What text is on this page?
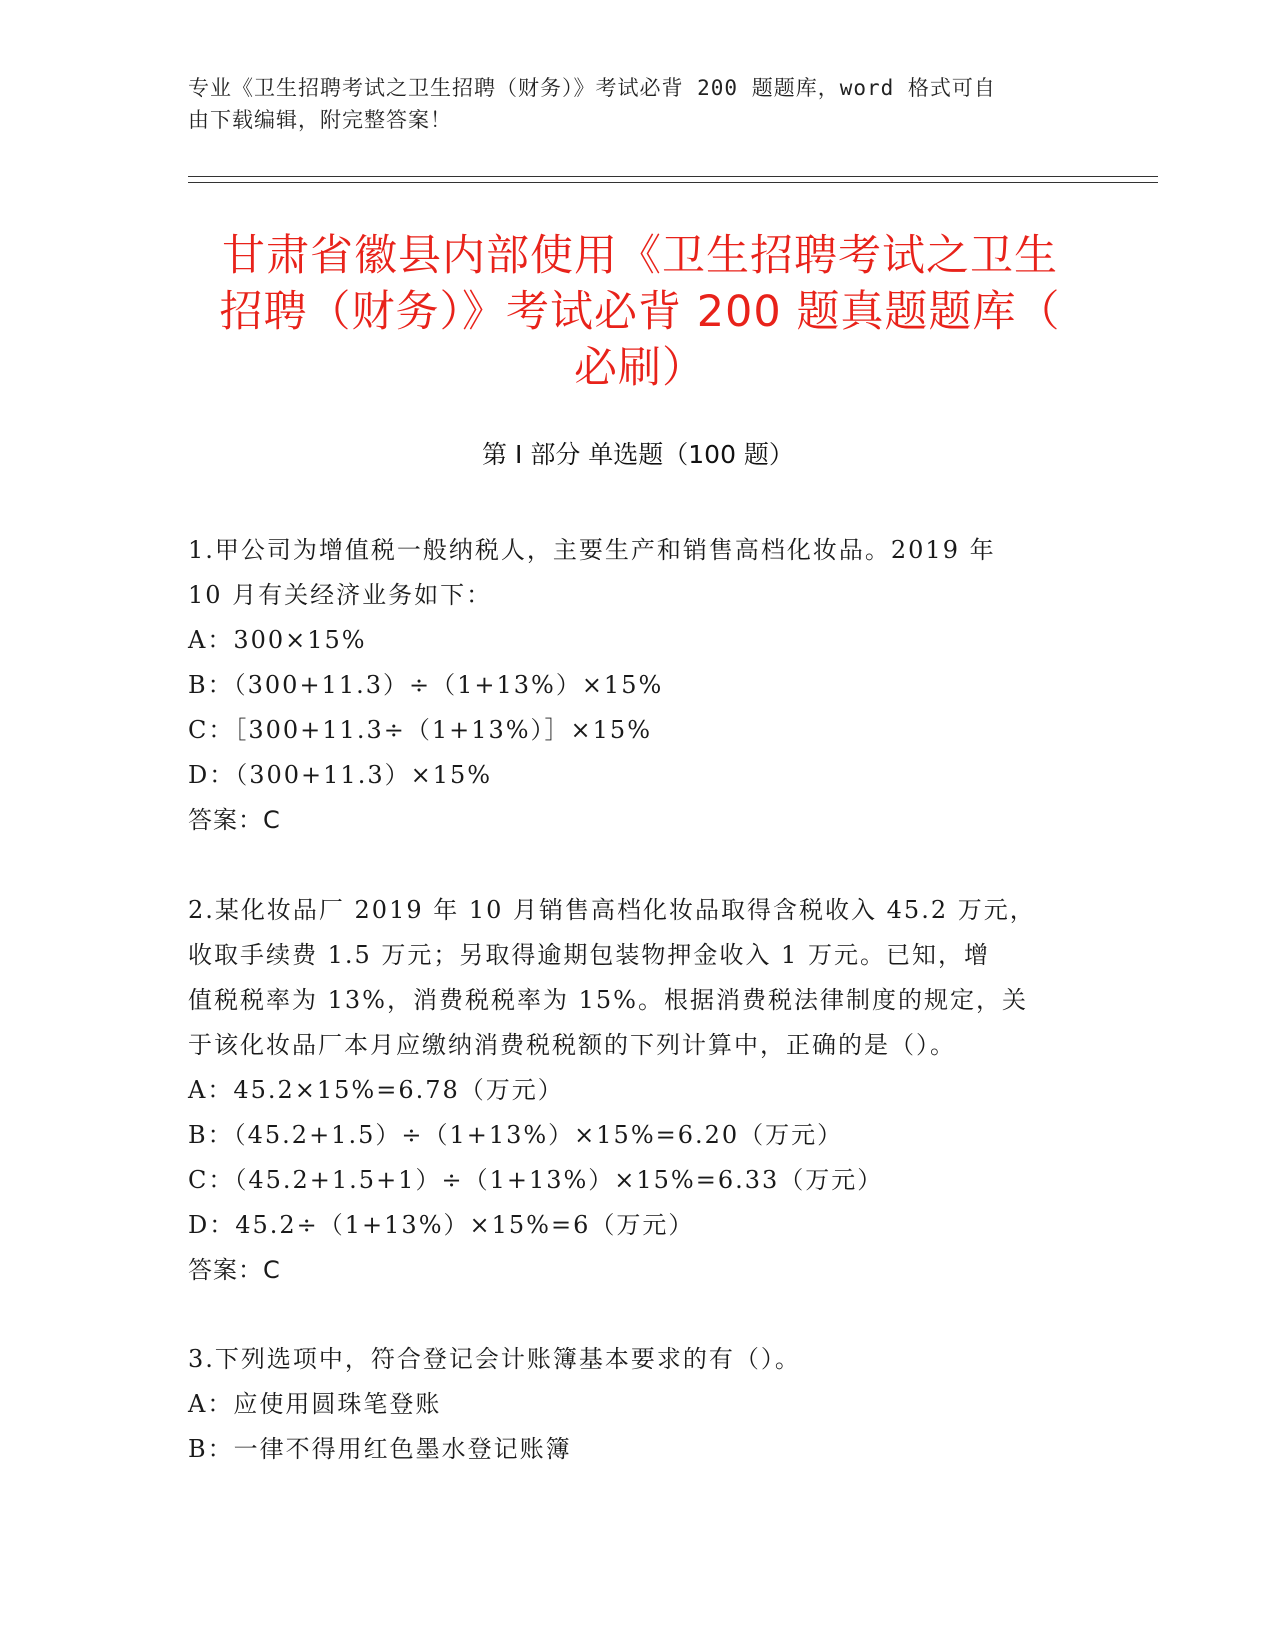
专业《卫生招聘考试之卫生招聘（财务）》考试必背 200 题题库，word 格式可自
由下载编辑，附完整答案！
甘肃省徽县内部使用《卫生招聘考试之卫生
招聘（财务）》考试必背 200 题真题题库（
必刷）
第 I 部分 单选题（100 题）
1.甲公司为增值税一般纳税人，主要生产和销售高档化妆品。2019 年
10 月有关经济业务如下：
A：300×15%
B：（300+11.3）÷（1+13%）×15%
C：［300+11.3÷（1+13%）］×15%
D：（300+11.3）×15%
答案：C
2.某化妆品厂 2019 年 10 月销售高档化妆品取得含税收入 45.2 万元，
收取手续费 1.5 万元；另取得逾期包装物押金收入 1 万元。已知，增
值税税率为 13%，消费税税率为 15%。根据消费税法律制度的规定，关
于该化妆品厂本月应缴纳消费税税额的下列计算中，正确的是（）。
A：45.2×15%=6.78（万元）
B：（45.2+1.5）÷（1+13%）×15%=6.20（万元）
C：（45.2+1.5+1）÷（1+13%）×15%=6.33（万元）
D：45.2÷（1+13%）×15%=6（万元）
答案：C
3.下列选项中，符合登记会计账簿基本要求的有（）。
A：应使用圆珠笔登账
B：一律不得用红色墨水登记账簿
